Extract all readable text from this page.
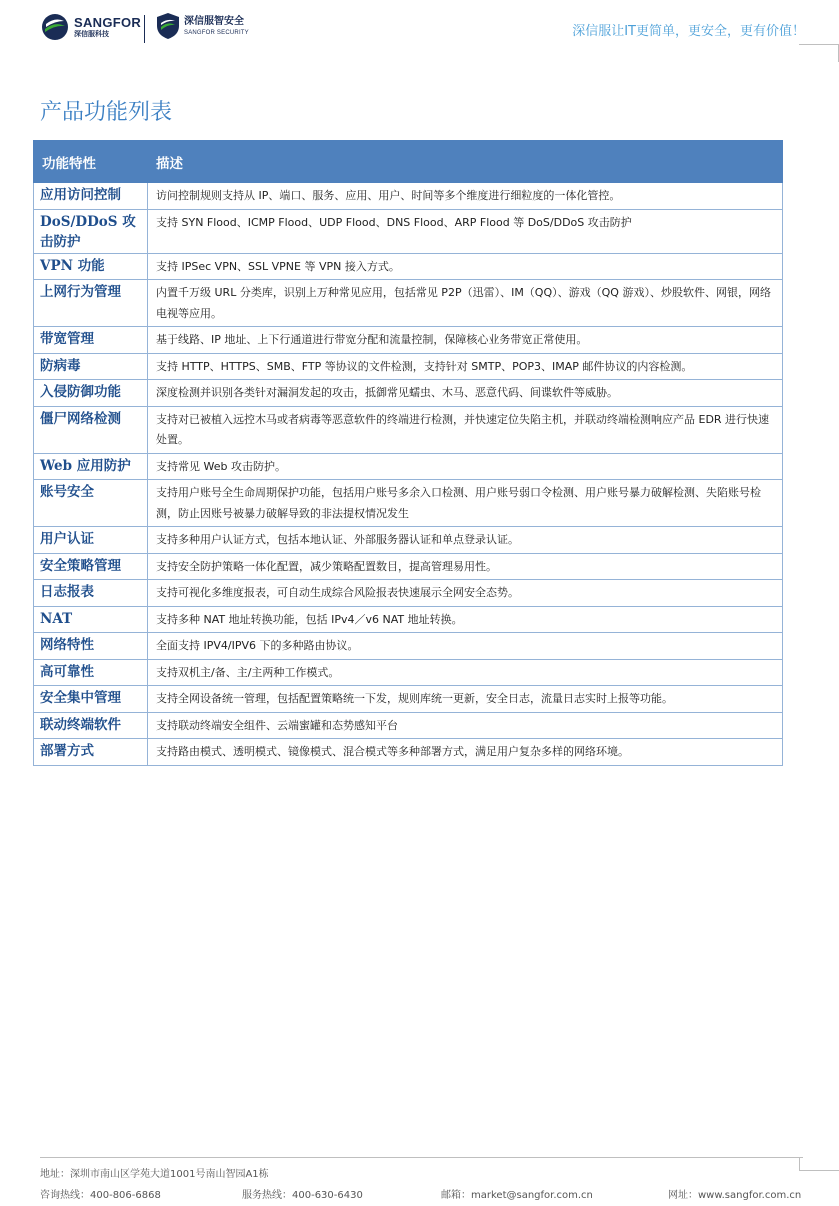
SANGFOR
深信服科技
深信服智安全
SANGFOR SECURITY	深信服让IT更简单，更安全，更有价值！
产品功能列表
功能特性	描述
应用访问控制	访问控制规则支持从 IP、端口、服务、应用、用户、时间等多个维度进行细粒度的一体化管控。
DoS/DDoS 攻击防护	支持 SYN Flood、ICMP Flood、UDP Flood、DNS Flood、ARP Flood 等 DoS/DDoS 攻击防护
VPN 功能	支持 IPSec VPN、SSL VPNE 等 VPN 接入方式。
上网行为管理	内置千万级 URL 分类库，识别上万种常见应用，包括常见 P2P（迅雷）、IM（QQ）、游戏（QQ 游戏）、炒股软件、网银，网络电视等应用。
带宽管理	基于线路、IP 地址、上下行通道进行带宽分配和流量控制，保障核心业务带宽正常使用。
防病毒	支持 HTTP、HTTPS、SMB、FTP 等协议的文件检测，支持针对 SMTP、POP3、IMAP 邮件协议的内容检测。
入侵防御功能	深度检测并识别各类针对漏洞发起的攻击，抵御常见蠕虫、木马、恶意代码、间谍软件等威胁。
僵尸网络检测	支持对已被植入远控木马或者病毒等恶意软件的终端进行检测，并快速定位失陷主机，并联动终端检测响应产品 EDR 进行快速处置。
Web 应用防护	支持常见 Web 攻击防护。
账号安全	支持用户账号全生命周期保护功能，包括用户账号多余入口检测、用户账号弱口令检测、用户账号暴力破解检测、失陷账号检测，防止因账号被暴力破解导致的非法提权情况发生
用户认证	支持多种用户认证方式，包括本地认证、外部服务器认证和单点登录认证。
安全策略管理	支持安全防护策略一体化配置，减少策略配置数目，提高管理易用性。
日志报表	支持可视化多维度报表，可自动生成综合风险报表快速展示全网安全态势。
NAT	支持多种 NAT 地址转换功能，包括 IPv4／v6 NAT 地址转换。
网络特性	全面支持 IPV4/IPV6 下的多种路由协议。
高可靠性	支持双机主/备、主/主两种工作模式。
安全集中管理	支持全网设备统一管理，包括配置策略统一下发，规则库统一更新，安全日志，流量日志实时上报等功能。
联动终端软件	支持联动终端安全组件、云端蜜罐和态势感知平台
部署方式	支持路由模式、透明模式、镜像模式、混合模式等多种部署方式，满足用户复杂多样的网络环境。
地址：深圳市南山区学苑大道1001号南山智园A1栋
咨询热线：400-806-6868	服务热线：400-630-6430	邮箱：market@sangfor.com.cn	网址：www.sangfor.com.cn
